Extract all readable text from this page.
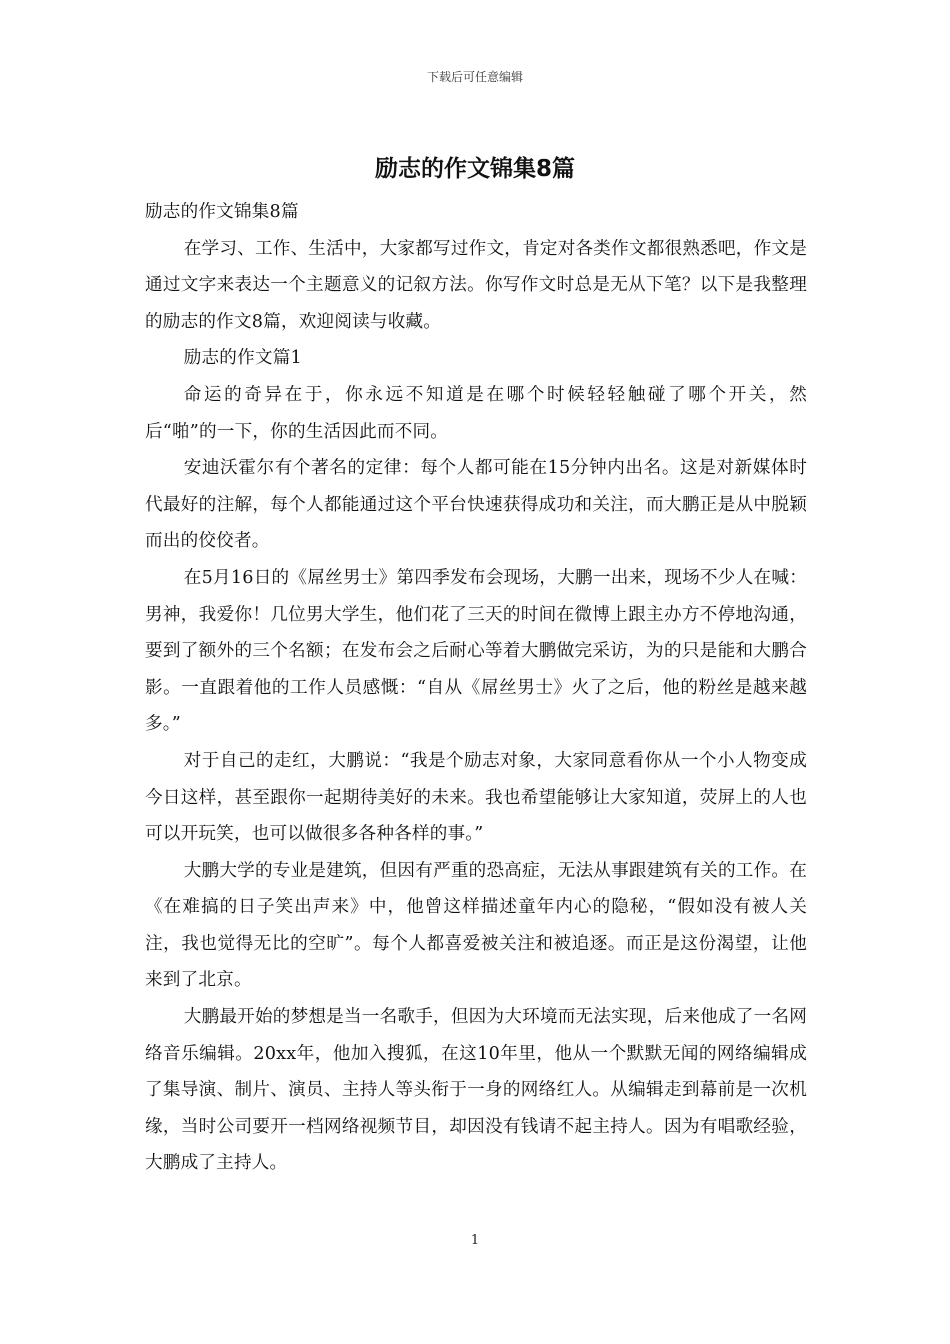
下载后可任意编辑
励志的作文锦集8篇

励志的作文锦集8篇

在学习、工作、生活中，大家都写过作文，肯定对各类作文都很熟悉吧，作文是通过文字来表达一个主题意义的记叙方法。你写作文时总是无从下笔？以下是我整理的励志的作文8篇，欢迎阅读与收藏。

励志的作文篇1

命运的奇异在于，你永远不知道是在哪个时候轻轻触碰了哪个开关，然后“啪”的一下，你的生活因此而不同。

安迪沃霍尔有个著名的定律：每个人都可能在15分钟内出名。这是对新媒体时代最好的注解，每个人都能通过这个平台快速获得成功和关注，而大鹏正是从中脱颖而出的佼佼者。

在5月16日的《屌丝男士》第四季发布会现场，大鹏一出来，现场不少人在喊：男神，我爱你！几位男大学生，他们花了三天的时间在微博上跟主办方不停地沟通，要到了额外的三个名额；在发布会之后耐心等着大鹏做完采访，为的只是能和大鹏合影。一直跟着他的工作人员感慨：“自从《屌丝男士》火了之后，他的粉丝是越来越多。”

对于自己的走红，大鹏说：“我是个励志对象，大家同意看你从一个小人物变成今日这样，甚至跟你一起期待美好的未来。我也希望能够让大家知道，荧屏上的人也可以开玩笑，也可以做很多各种各样的事。”

大鹏大学的专业是建筑，但因有严重的恐高症，无法从事跟建筑有关的工作。在《在难搞的日子笑出声来》中，他曾这样描述童年内心的隐秘，“假如没有被人关注，我也觉得无比的空旷”。每个人都喜爱被关注和被追逐。而正是这份渴望，让他来到了北京。

大鹏最开始的梦想是当一名歌手，但因为大环境而无法实现，后来他成了一名网络音乐编辑。20xx年，他加入搜狐，在这10年里，他从一个默默无闻的网络编辑成了集导演、制片、演员、主持人等头衔于一身的网络红人。从编辑走到幕前是一次机缘，当时公司要开一档网络视频节目，却因没有钱请不起主持人。因为有唱歌经验，大鹏成了主持人。

1
